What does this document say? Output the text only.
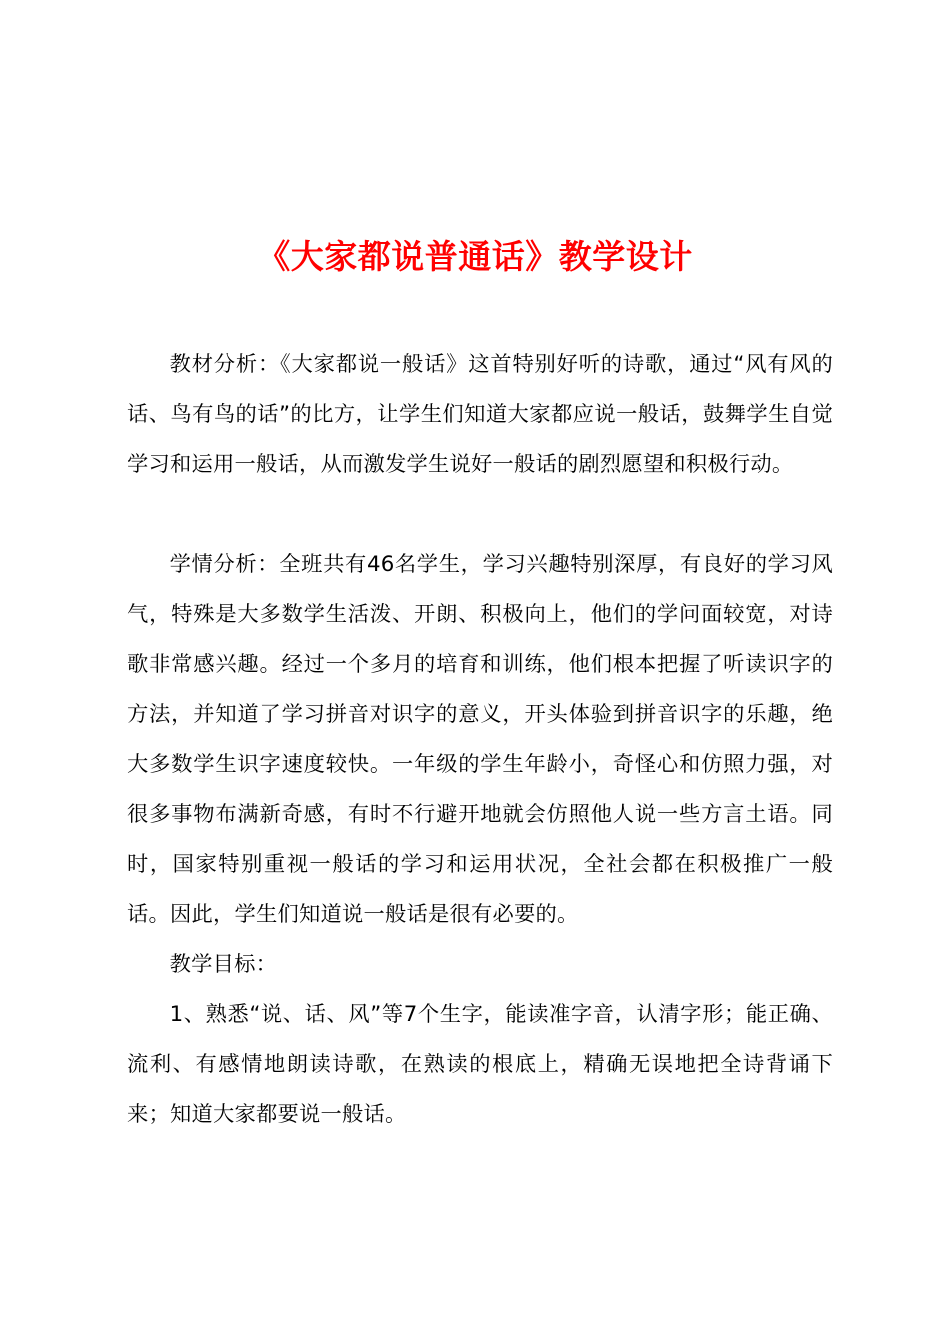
《大家都说普通话》教学设计

教材分析：《大家都说一般话》这首特别好听的诗歌，通过“风有风的话、鸟有鸟的话”的比方，让学生们知道大家都应说一般话，鼓舞学生自觉学习和运用一般话，从而激发学生说好一般话的剧烈愿望和积极行动。

学情分析：全班共有46名学生，学习兴趣特别深厚，有良好的学习风气，特殊是大多数学生活泼、开朗、积极向上，他们的学问面较宽，对诗歌非常感兴趣。经过一个多月的培育和训练，他们根本把握了听读识字的方法，并知道了学习拼音对识字的意义，开头体验到拼音识字的乐趣，绝大多数学生识字速度较快。一年级的学生年龄小，奇怪心和仿照力强，对很多事物布满新奇感，有时不行避开地就会仿照他人说一些方言土语。同时，国家特别重视一般话的学习和运用状况，全社会都在积极推广一般话。因此，学生们知道说一般话是很有必要的。

教学目标：

1、熟悉“说、话、风”等7个生字，能读准字音，认清字形；能正确、流利、有感情地朗读诗歌，在熟读的根底上，精确无误地把全诗背诵下来；知道大家都要说一般话。
